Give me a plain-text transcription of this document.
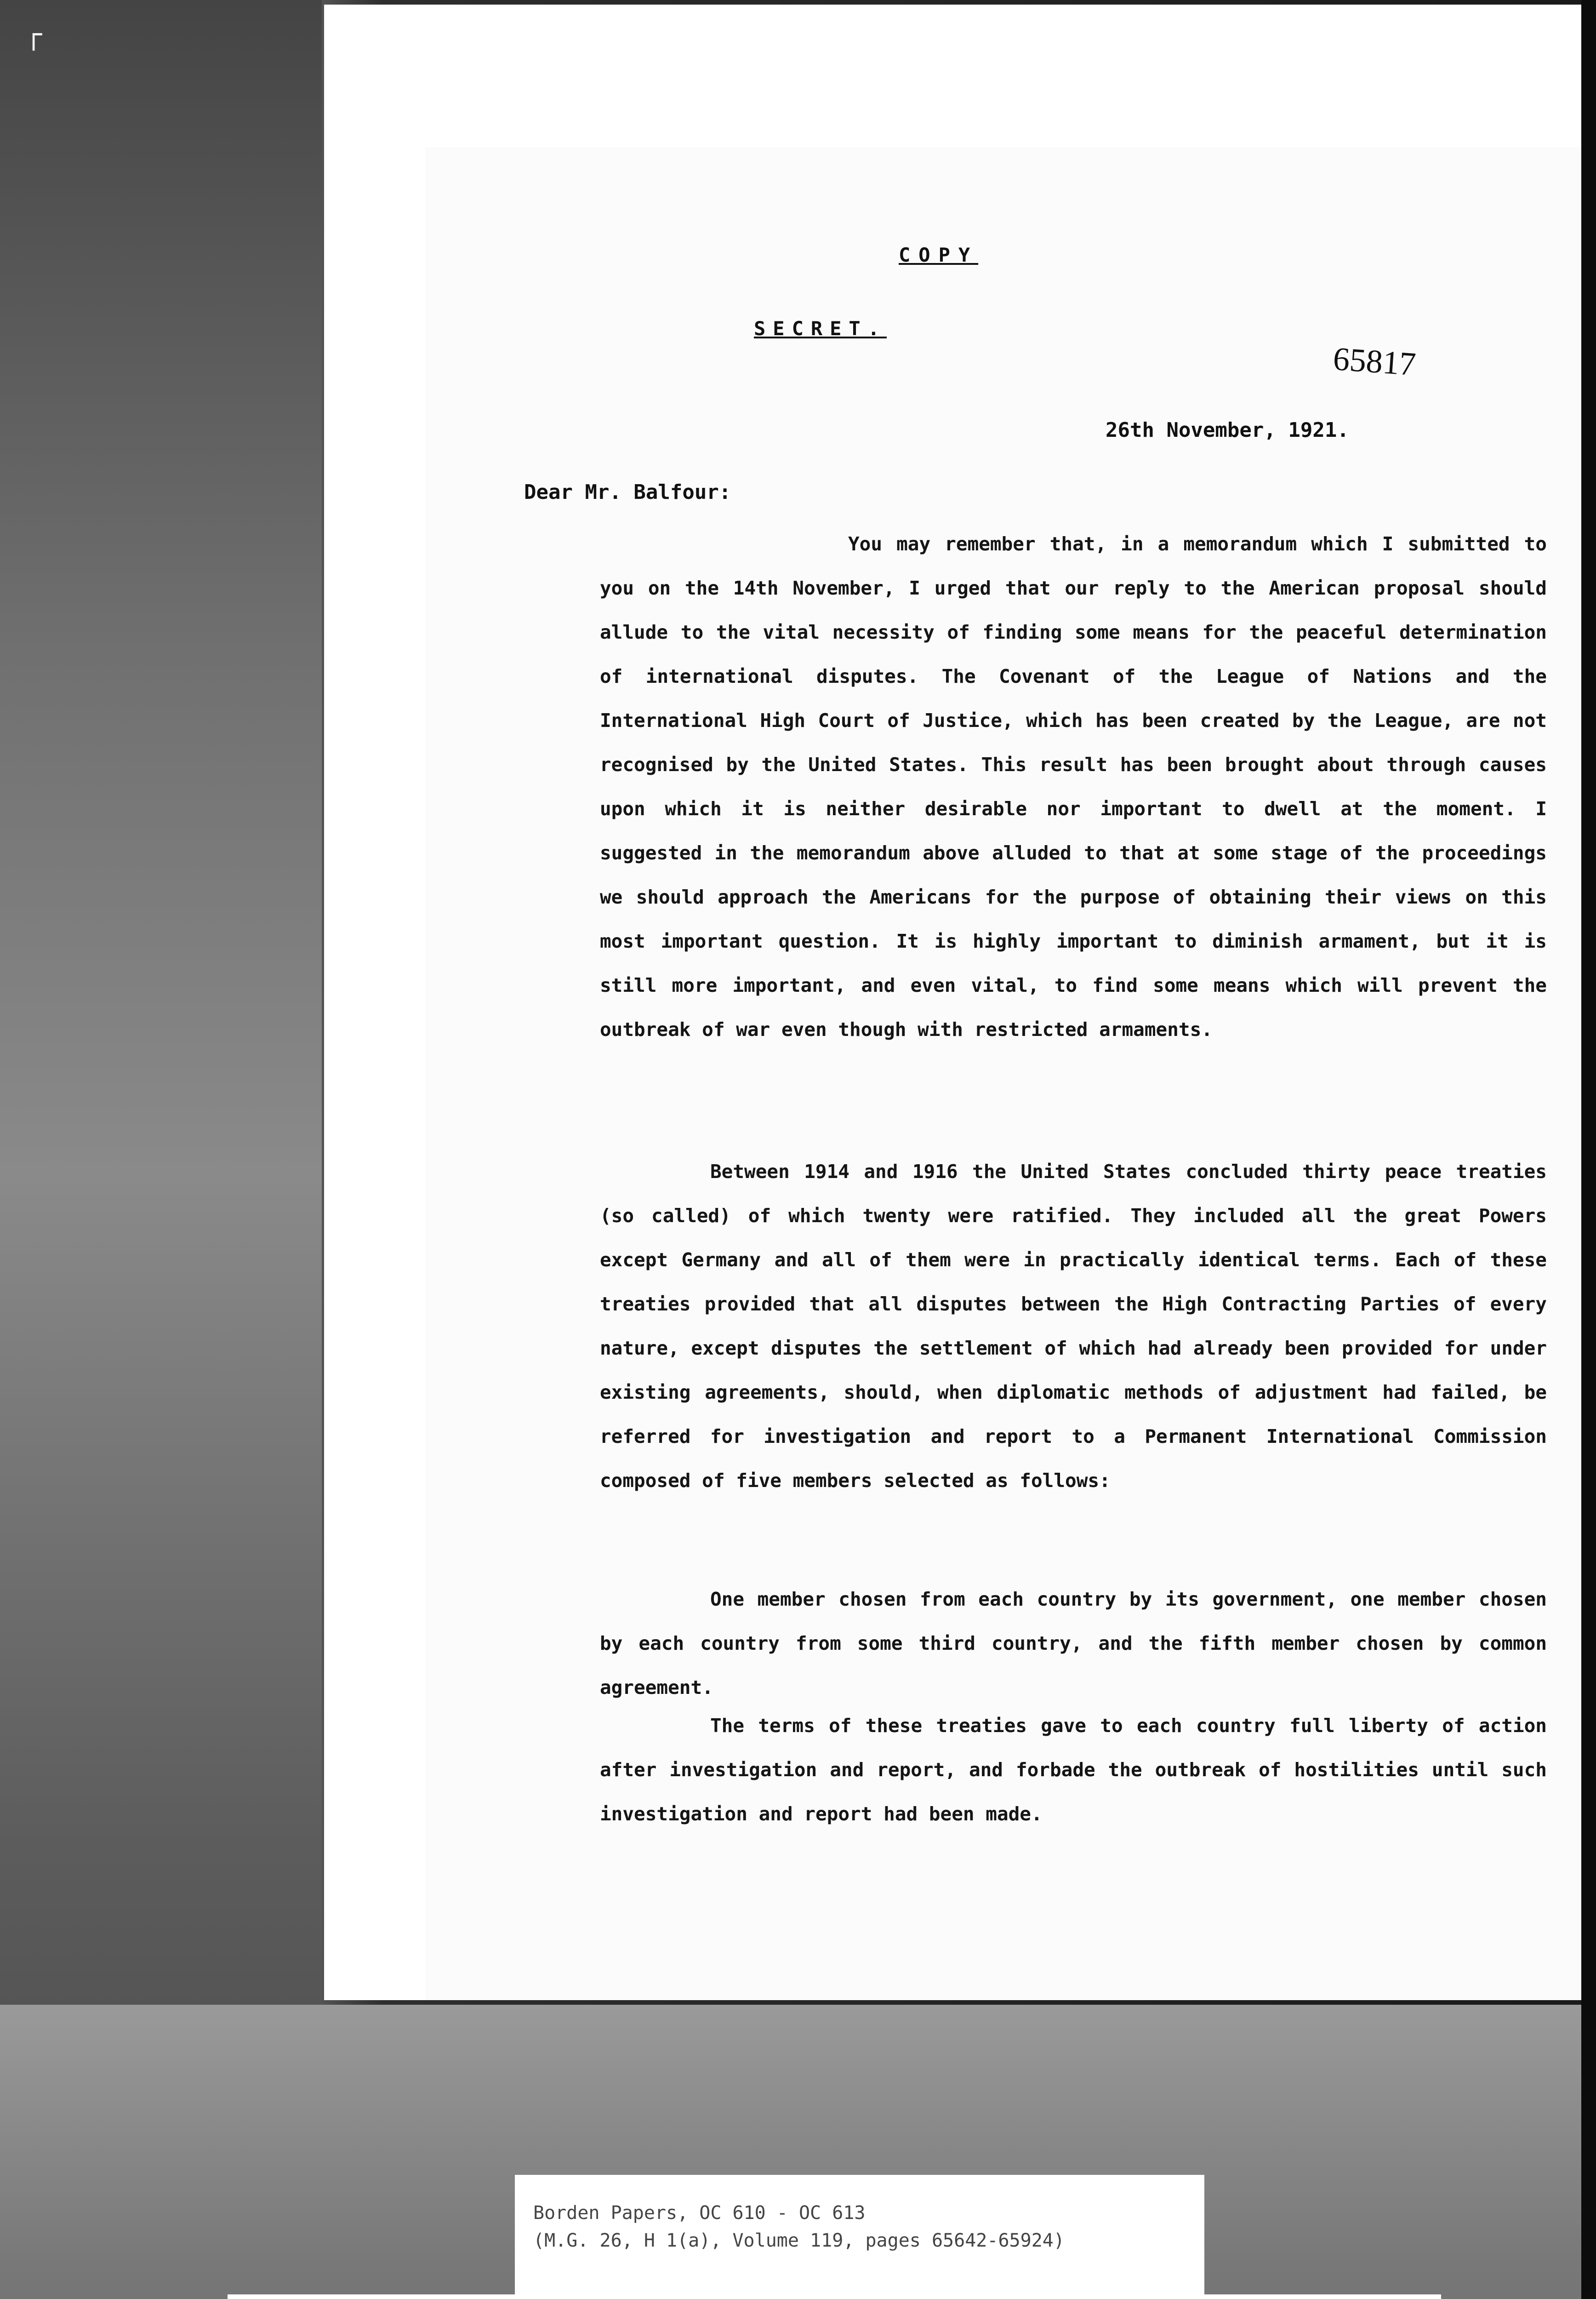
┌
COPY
SECRET.
65817
26th November, 1921.
Dear Mr. Balfour:

You may remember that, in a memorandum which I submitted to you on the 14th November, I urged that our reply to the American proposal should allude to the vital necessity of finding some means for the peaceful determination of international disputes. The Covenant of the League of Nations and the International High Court of Justice, which has been created by the League, are not recognised by the United States. This result has been brought about through causes upon which it is neither desirable nor important to dwell at the moment. I suggested in the memorandum above alluded to that at some stage of the proceedings we should approach the Americans for the purpose of obtaining their views on this most important question. It is highly important to diminish armament, but it is still more important, and even vital, to find some means which will prevent the outbreak of war even though with restricted armaments.

Between 1914 and 1916 the United States concluded thirty peace treaties (so called) of which twenty were ratified. They included all the great Powers except Germany and all of them were in practically identical terms. Each of these treaties provided that all disputes between the High Contracting Parties of every nature, except disputes the settlement of which had already been provided for under existing agreements, should, when diplomatic methods of adjustment had failed, be referred for investigation and report to a Permanent International Commission composed of five members selected as follows:

One member chosen from each country by its government, one member chosen by each country from some third country, and the fifth member chosen by common agreement.

The terms of these treaties gave to each country full liberty of action after investigation and report, and forbade the outbreak of hostilities until such investigation and report had been made.

Borden Papers, OC 610 - OC 613
(M.G. 26, H 1(a), Volume 119, pages 65642-65924)
